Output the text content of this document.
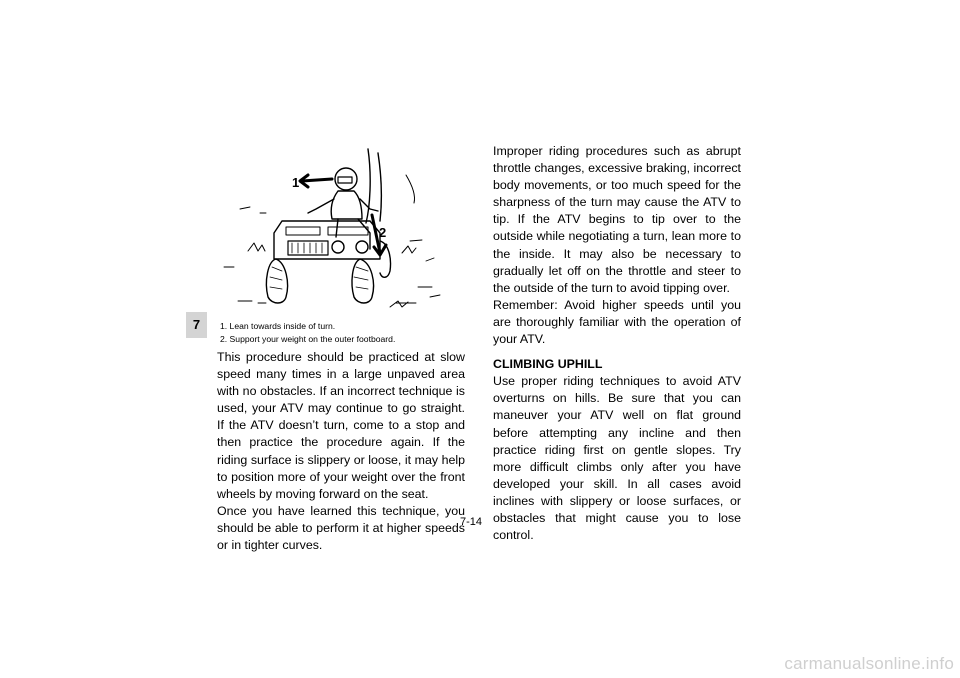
7
1
2
1. Lean towards inside of turn.
2. Support your weight on the outer footboard.

This procedure should be practiced at slow speed many times in a large unpaved area with no obstacles. If an incorrect technique is used, your ATV may continue to go straight. If the ATV doesn’t turn, come to a stop and then practice the procedure again. If the riding surface is slippery or loose, it may help to position more of your weight over the front wheels by moving forward on the seat.

Once you have learned this technique, you should be able to perform it at higher speeds or in tighter curves.

Improper riding procedures such as abrupt throttle changes, excessive braking, incorrect body movements, or too much speed for the sharpness of the turn may cause the ATV to tip. If the ATV begins to tip over to the outside while negotiating a turn, lean more to the inside. It may also be necessary to gradually let off on the throttle and steer to the outside of the turn to avoid tipping over.

Remember: Avoid higher speeds until you are thoroughly familiar with the operation of your ATV.

CLIMBING UPHILL

Use proper riding techniques to avoid ATV overturns on hills. Be sure that you can maneuver your ATV well on flat ground before attempting any incline and then practice riding first on gentle slopes. Try more difficult climbs only after you have developed your skill. In all cases avoid inclines with slippery or loose surfaces, or obstacles that might cause you to lose control.

7-14
carmanualsonline.info
